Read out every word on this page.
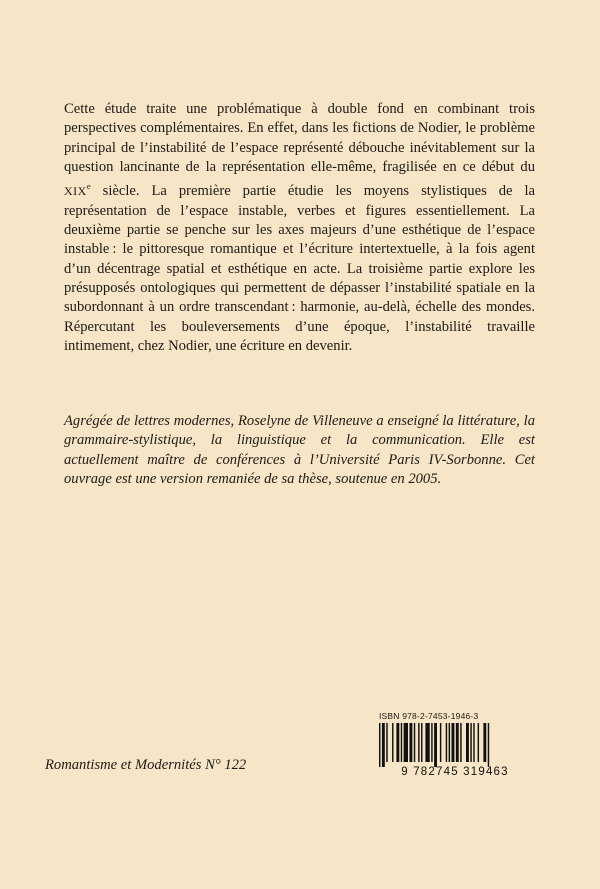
Cette étude traite une problématique à double fond en combinant trois perspectives complémentaires. En effet, dans les fictions de Nodier, le problème principal de l’instabilité de l’espace représenté débouche inévitablement sur la question lancinante de la représentation elle-même, fragilisée en ce début du XIXe siècle. La première partie étudie les moyens stylistiques de la représentation de l’espace instable, verbes et figures essentiellement. La deuxième partie se penche sur les axes majeurs d’une esthétique de l’espace instable : le pittoresque romantique et l’écriture intertextuelle, à la fois agent d’un décentrage spatial et esthétique en acte. La troisième partie explore les présupposés ontologiques qui permettent de dépasser l’instabilité spatiale en la subordonnant à un ordre transcendant : harmonie, au-delà, échelle des mondes. Répercutant les bouleversements d’une époque, l’instabilité travaille intimement, chez Nodier, une écriture en devenir.

Agrégée de lettres modernes, Roselyne de Villeneuve a enseigné la littérature, la grammaire-stylistique, la linguistique et la communication. Elle est actuellement maître de conférences à l’Université Paris IV-Sorbonne. Cet ouvrage est une version remaniée de sa thèse, soutenue en 2005.

Romantisme et Modernités N° 122

ISBN 978-2-7453-1946-3
9 782745 319463
